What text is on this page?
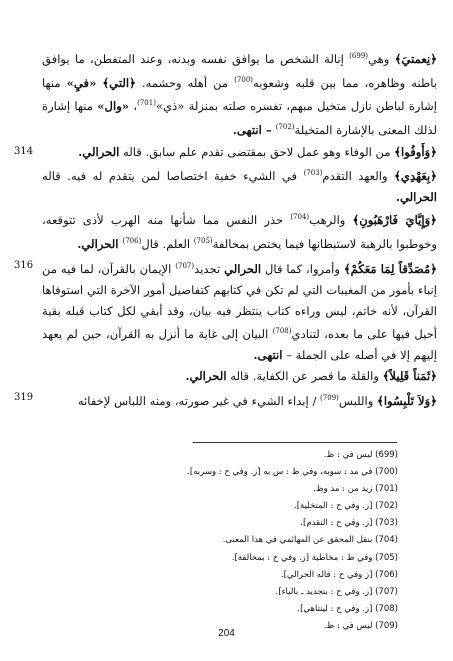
﴿نِعمتيَ﴾ وهي$^{(699)}$ إنالة الشخص ما يوافق نفسه وبدنه، وعند المتفطن، ما يوافق باطنه وظاهره، مما بين قلبه وشعوبه$^{(700)}$ من أهله وحشمه. ﴿التي﴾ «فيِ» منها إشارة لباطن نازل متخيل مبهم، تفسره صلته بمنزلة «ذي»$^{(701)}$، «وال» منها إشارة لذلك المعنى بالإشارة المتخيلة$^{(702)}$ – انتهى.

314	﴿وَأَوفُوا﴾ من الوفاء وهو عمل لاحق بمقتضى تقدم علم سابق. قاله الحرالي.

﴿بِعَهْدِي﴾ والعهد التقدم$^{(703)}$ في الشيء خفية اختصاصا لمن يتقدم له فيه. قاله الحرالي.

﴿وَإِيَّايَ فَارْهَبُونِ﴾ والرهب$^{(704)}$ حذر النفس مما شأنها منه الهرب لأذى تتوقعه، وخوطبوا بالرهبة لاستبطانها فيما يختص بمخالفة$^{(705)}$ العلم. قال$^{(706)}$ الحرالي.

316	﴿مُصَدِّقاً لِمَا مَعَكُمْ﴾ وأمروا، كما قال الحرالي تجديد$^{(707)}$ الإيمان بالقرآن، لما فيه من إنباء بأمور من المغيبات التي لم تكن في كتابهم كتفاصيل أمور الآخرة التي استوفاها القرآن، لأنه خاتم، ليس وراءه كتاب ينتظر فيه بيان، وقد أبقي لكل كتاب قبله بقية أحيل فيها على ما بعده، لتنادي$^{(708)}$ البيان إلى غاية ما أنزل به القرآن، حين لم يعهد إليهم إلا في أصله على الجملة – انتهى.

﴿ثَمَناً قَلِيلاً﴾ والقلة ما قصر عن الكفاية. قاله الحرالي.

319	﴿وَلاَ تَلْبِسُوا﴾ واللبس$^{(709)}$ / إبداء الشيء في غير صورته، ومنه اللباس لإخفائه

(699) ليس في : ظ.

(700) في مد : سوبه، وفي ظ : س به [ز. وفي ح : وسربه].

(701) زيد من : مد وظ.

(702) [ز. وفي ح : المتخلية].

(703) [ز. وفي ح : التقدم].

(704) بنقل المحقق عن المهائمي في هذا المعنى.

(705) وفي ظ : مخاطبة [ز. وفي ح : بمخالفة].

(706) [ز وفي ح : قاله الحرالي].

(707) [ز. وفي ح : بتجديد ـ بالباء].

(708) [ز. وفي ح : لينتاهي].

(709) ليس في : ظ.

204
